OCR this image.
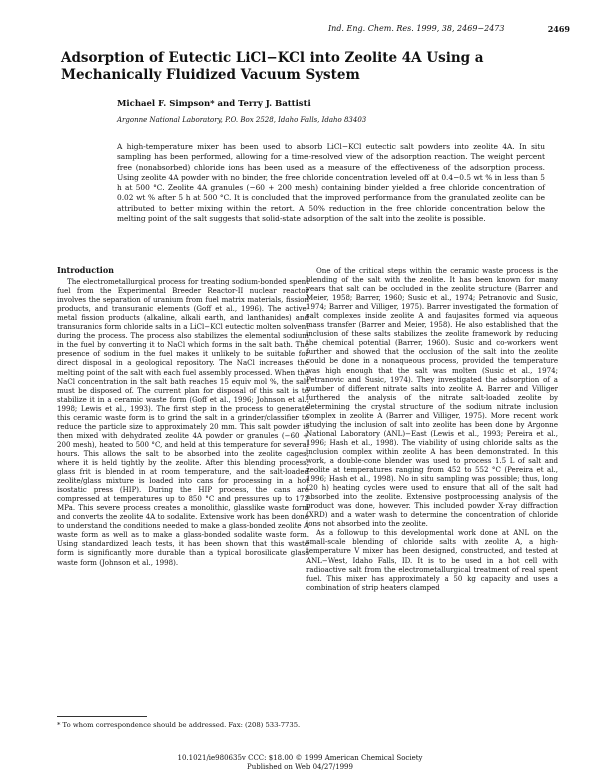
Ind. Eng. Chem. Res. 1999, 38, 2469−2473	2469
Adsorption of Eutectic LiCl−KCl into Zeolite 4A Using a Mechanically Fluidized Vacuum System
Michael F. Simpson* and Terry J. Battisti
Argonne National Laboratory, P.O. Box 2528, Idaho Falls, Idaho 83403
A high-temperature mixer has been used to absorb LiCl−KCl eutectic salt powders into zeolite 4A. In situ sampling has been performed, allowing for a time-resolved view of the adsorption reaction. The weight percent free (nonabsorbed) chloride ions has been used as a measure of the effectiveness of the adsorption process. Using zeolite 4A powder with no binder, the free chloride concentration leveled off at 0.4−0.5 wt % in less than 5 h at 500 °C. Zeolite 4A granules (−60 + 200 mesh) containing binder yielded a free chloride concentration of 0.02 wt % after 5 h at 500 °C. It is concluded that the improved performance from the granulated zeolite can be attributed to better mixing within the retort. A 50% reduction in the free chloride concentration below the melting point of the salt suggests that solid-state adsorption of the salt into the zeolite is possible.

Introduction

The electrometallurgical process for treating sodium-bonded spent fuel from the Experimental Breeder Reactor-II nuclear reactor involves the separation of uranium from fuel matrix materials, fission products, and transuranic elements (Goff et al., 1996). The active-metal fission products (alkaline, alkali earth, and lanthanides) and transuranics form chloride salts in a LiCl−KCl eutectic molten solvent during the process. The process also stabilizes the elemental sodium in the fuel by converting it to NaCl which forms in the salt bath. The presence of sodium in the fuel makes it unlikely to be suitable for direct disposal in a geological repository. The NaCl increases the melting point of the salt with each fuel assembly processed. When the NaCl concentration in the salt bath reaches 15 equiv mol %, the salt must be disposed of. The current plan for disposal of this salt is to stabilize it in a ceramic waste form (Goff et al., 1996; Johnson et al., 1998; Lewis et al., 1993). The first step in the process to generate this ceramic waste form is to grind the salt in a grinder/classifier to reduce the particle size to approximately 20 mm. This salt powder is then mixed with dehydrated zeolite 4A powder or granules (−60 + 200 mesh), heated to 500 °C, and held at this temperature for several hours. This allows the salt to be absorbed into the zeolite cages, where it is held tightly by the zeolite. After this blending process, glass frit is blended in at room temperature, and the salt-loaded zeolite/glass mixture is loaded into cans for processing in a hot isostatic press (HIP). During the HIP process, the cans are compressed at temperatures up to 850 °C and pressures up to 172 MPa. This severe process creates a monolithic, glasslike waste form and converts the zeolite 4A to sodalite. Extensive work has been done to understand the conditions needed to make a glass-bonded zeolite A waste form as well as to make a glass-bonded sodalite waste form. Using standardized leach tests, it has been shown that this waste form is significantly more durable than a typical borosilicate glass waste form (Johnson et al., 1998).

One of the critical steps within the ceramic waste process is the blending of the salt with the zeolite. It has been known for many years that salt can be occluded in the zeolite structure (Barrer and Meier, 1958; Barrer, 1960; Susic et al., 1974; Petranovic and Susic, 1974; Barrer and Villiger, 1975). Barrer investigated the formation of salt complexes inside zeolite A and faujasites formed via aqueous mass transfer (Barrer and Meier, 1958). He also established that the inclusion of these salts stabilizes the zeolite framework by reducing the chemical potential (Barrer, 1960). Susic and co-workers went further and showed that the occlusion of the salt into the zeolite could be done in a nonaqueous process, provided the temperature was high enough that the salt was molten (Susic et al., 1974; Petranovic and Susic, 1974). They investigated the adsorption of a number of different nitrate salts into zeolite A. Barrer and Villiger furthered the analysis of the nitrate salt-loaded zeolite by determining the crystal structure of the sodium nitrate inclusion complex in zeolite A (Barrer and Villiger, 1975). More recent work studying the inclusion of salt into zeolite has been done by Argonne National Laboratory (ANL)−East (Lewis et al., 1993; Pereira et al., 1996; Hash et al., 1998). The viability of using chloride salts as the inclusion complex within zeolite A has been demonstrated. In this work, a double-cone blender was used to process 1.5 L of salt and zeolite at temperatures ranging from 452 to 552 °C (Pereira et al., 1996; Hash et al., 1998). No in situ sampling was possible; thus, long (20 h) heating cycles were used to ensure that all of the salt had absorbed into the zeolite. Extensive postprocessing analysis of the product was done, however. This included powder X-ray diffraction (XRD) and a water wash to determine the concentration of chloride ions not absorbed into the zeolite.

As a followup to this developmental work done at ANL on the small-scale blending of chloride salts with zeolite A, a high-temperature V mixer has been designed, constructed, and tested at ANL−West, Idaho Falls, ID. It is to be used in a hot cell with radioactive salt from the electrometallurgical treatment of real spent fuel. This mixer has approximately a 50 kg capacity and uses a combination of strip heaters clamped

* To whom correspondence should be addressed. Fax: (208) 533-7735.
10.1021/ie980635v CCC: $18.00 © 1999 American Chemical Society
Published on Web 04/27/1999
